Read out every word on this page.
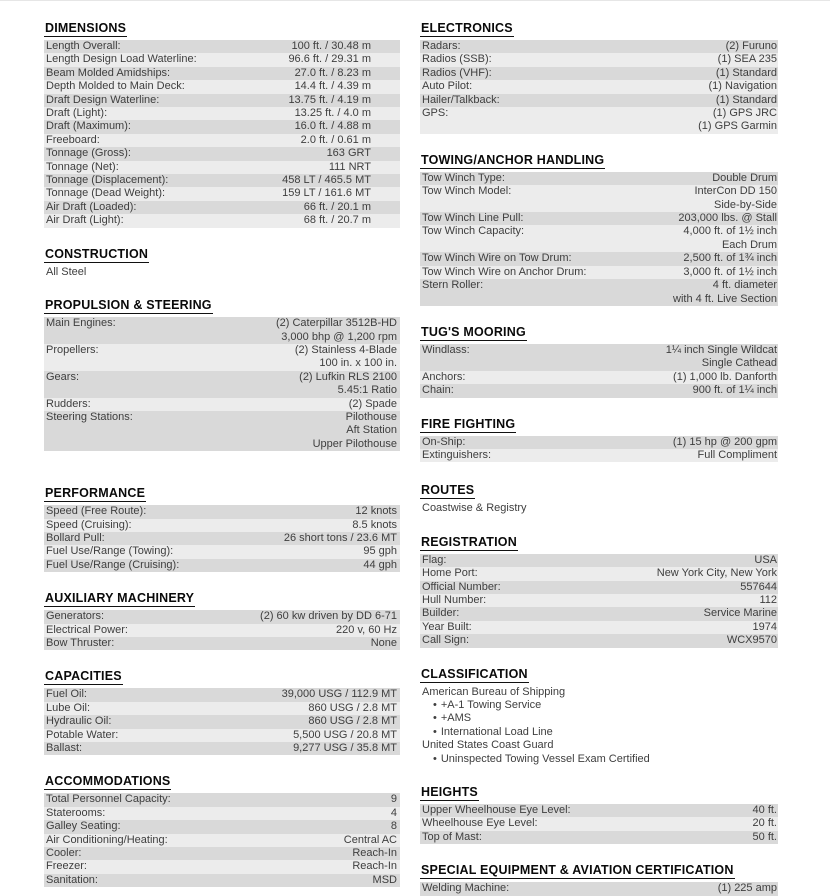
DIMENSIONS
Length Overall:	100 ft. / 30.48 m
Length Design Load Waterline:	96.6 ft. / 29.31 m
Beam Molded Amidships:	27.0 ft. / 8.23 m
Depth Molded to Main Deck:	14.4 ft. / 4.39 m
Draft Design Waterline:	13.75 ft. / 4.19 m
Draft (Light):	13.25 ft. / 4.0 m
Draft (Maximum):	16.0 ft. / 4.88 m
Freeboard:	2.0 ft. / 0.61 m
Tonnage (Gross):	163 GRT
Tonnage (Net):	111 NRT
Tonnage (Displacement):	458 LT / 465.5 MT
Tonnage (Dead Weight):	159 LT / 161.6 MT
Air Draft (Loaded):	66 ft. / 20.1 m
Air Draft (Light):	68 ft. / 20.7 m
CONSTRUCTION
All Steel
PROPULSION & STEERING
Main Engines:	(2) Caterpillar 3512B-HD
3,000 bhp @ 1,200 rpm
Propellers:	(2) Stainless 4-Blade
100 in. x 100 in.
Gears:	(2) Lufkin RLS 2100
5.45:1 Ratio
Rudders:	(2) Spade
Steering Stations:	Pilothouse
Aft Station
Upper Pilothouse
PERFORMANCE
Speed (Free Route):	12 knots
Speed (Cruising):	8.5 knots
Bollard Pull:	26 short tons / 23.6 MT
Fuel Use/Range (Towing):	95 gph
Fuel Use/Range (Cruising):	44 gph
AUXILIARY MACHINERY
Generators:	(2) 60 kw driven by DD 6-71
Electrical Power:	220 v, 60 Hz
Bow Thruster:	None
CAPACITIES
Fuel Oil:	39,000 USG / 112.9 MT
Lube Oil:	860 USG / 2.8 MT
Hydraulic Oil:	860 USG / 2.8 MT
Potable Water:	5,500 USG / 20.8 MT
Ballast:	9,277 USG / 35.8 MT
ACCOMMODATIONS
Total Personnel Capacity:	9
Staterooms:	4
Galley Seating:	8
Air Conditioning/Heating:	Central AC
Cooler:	Reach-In
Freezer:	Reach-In
Sanitation:	MSD
ELECTRONICS
Radars:	(2) Furuno
Radios (SSB):	(1) SEA 235
Radios (VHF):	(1) Standard
Auto Pilot:	(1) Navigation
Hailer/Talkback:	(1) Standard
GPS:	(1) GPS JRC
(1) GPS Garmin
TOWING/ANCHOR HANDLING
Tow Winch Type:	Double Drum
Tow Winch Model:	InterCon DD 150
Side-by-Side
Tow Winch Line Pull:	203,000 lbs. @ Stall
Tow Winch Capacity:	4,000 ft. of 1½ inch
Each Drum
Tow Winch Wire on Tow Drum:	2,500 ft. of 1¾ inch
Tow Winch Wire on Anchor Drum:	3,000 ft. of 1½ inch
Stern Roller:	4 ft. diameter
with 4 ft. Live Section
TUG'S MOORING
Windlass:	1¼ inch Single Wildcat
Single Cathead
Anchors:	(1) 1,000 lb. Danforth
Chain:	900 ft. of 1¼ inch
FIRE FIGHTING
On-Ship:	(1) 15 hp @ 200 gpm
Extinguishers:	Full Compliment
ROUTES
Coastwise & Registry
REGISTRATION
Flag:	USA
Home Port:	New York City, New York
Official Number:	557644
Hull Number:	112
Builder:	Service Marine
Year Built:	1974
Call Sign:	WCX9570
CLASSIFICATION
American Bureau of Shipping
• +A-1 Towing Service
• +AMS
• International Load Line
United States Coast Guard
• Uninspected Towing Vessel Exam Certified
HEIGHTS
Upper Wheelhouse Eye Level:	40 ft.
Wheelhouse Eye Level:	20 ft.
Top of Mast:	50 ft.
SPECIAL EQUIPMENT & AVIATION CERTIFICATION
Welding Machine:	(1) 225 amp
